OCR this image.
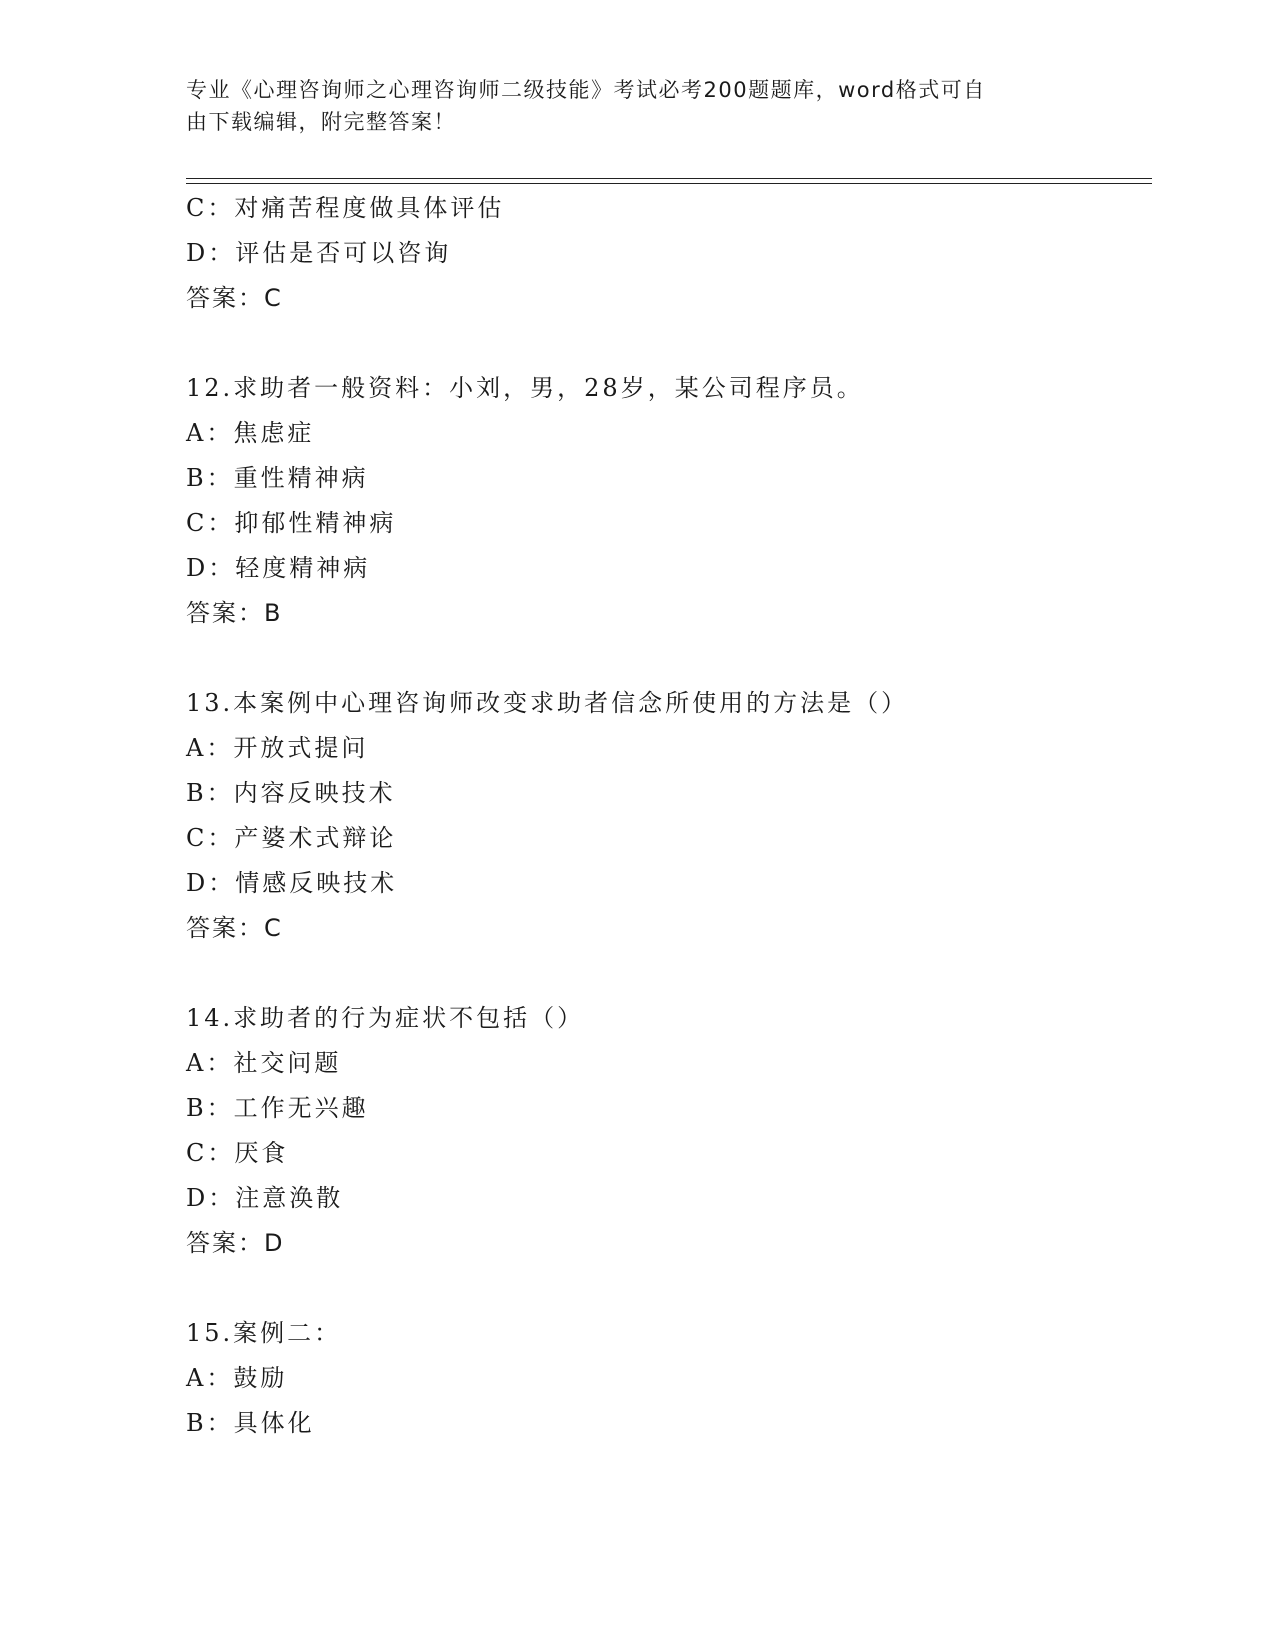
专业《心理咨询师之心理咨询师二级技能》考试必考200题题库，word格式可自
由下载编辑，附完整答案！
C：对痛苦程度做具体评估
D：评估是否可以咨询
答案：C
12.求助者一般资料：小刘，男，28岁，某公司程序员。
A：焦虑症
B：重性精神病
C：抑郁性精神病
D：轻度精神病
答案：B
13.本案例中心理咨询师改变求助者信念所使用的方法是（）
A：开放式提问
B：内容反映技术
C：产婆术式辩论
D：情感反映技术
答案：C
14.求助者的行为症状不包括（）
A：社交问题
B：工作无兴趣
C：厌食
D：注意涣散
答案：D
15.案例二：
A：鼓励
B：具体化
